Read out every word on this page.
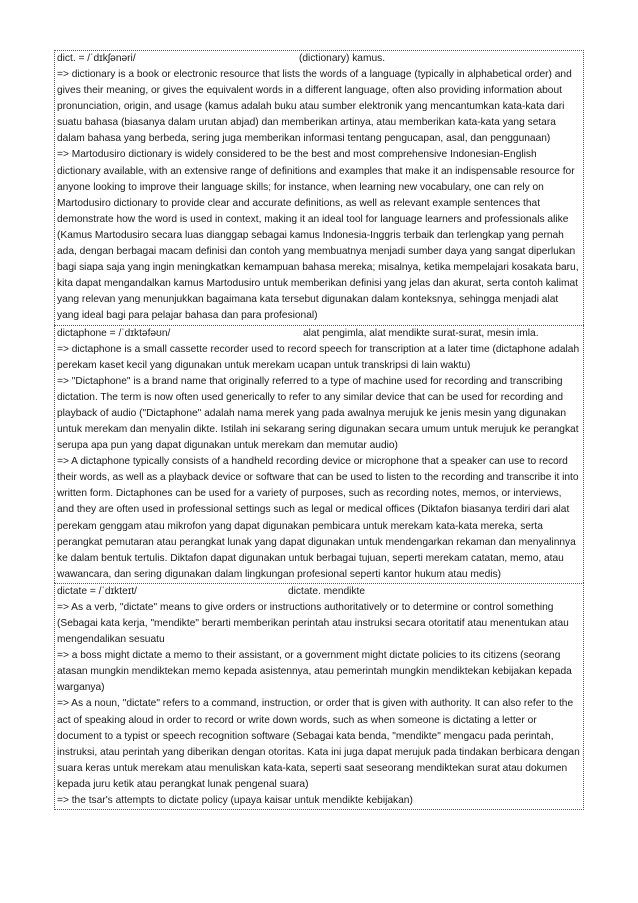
dict. = /ˈdɪkʃənəri/	(dictionary) kamus.

=> dictionary is a book or electronic resource that lists the words of a language (typically in alphabetical order) and gives their meaning, or gives the equivalent words in a different language, often also providing information about pronunciation, origin, and usage (kamus adalah buku atau sumber elektronik yang mencantumkan kata-kata dari suatu bahasa (biasanya dalam urutan abjad) dan memberikan artinya, atau memberikan kata-kata yang setara dalam bahasa yang berbeda, sering juga memberikan informasi tentang pengucapan, asal, dan penggunaan)

=> Martodusiro dictionary is widely considered to be the best and most comprehensive Indonesian-English dictionary available, with an extensive range of definitions and examples that make it an indispensable resource for anyone looking to improve their language skills; for instance, when learning new vocabulary, one can rely on Martodusiro dictionary to provide clear and accurate definitions, as well as relevant example sentences that demonstrate how the word is used in context, making it an ideal tool for language learners and professionals alike (Kamus Martodusiro secara luas dianggap sebagai kamus Indonesia-Inggris terbaik dan terlengkap yang pernah ada, dengan berbagai macam definisi dan contoh yang membuatnya menjadi sumber daya yang sangat diperlukan bagi siapa saja yang ingin meningkatkan kemampuan bahasa mereka; misalnya, ketika mempelajari kosakata baru, kita dapat mengandalkan kamus Martodusiro untuk memberikan definisi yang jelas dan akurat, serta contoh kalimat yang relevan yang menunjukkan bagaimana kata tersebut digunakan dalam konteksnya, sehingga menjadi alat yang ideal bagi para pelajar bahasa dan para profesional)

dictaphone = /ˈdɪktəfəʊn/	alat pengimla, alat mendikte surat-surat, mesin imla.

=> dictaphone is a small cassette recorder used to record speech for transcription at a later time (dictaphone adalah perekam kaset kecil yang digunakan untuk merekam ucapan untuk transkripsi di lain waktu)

=> "Dictaphone" is a brand name that originally referred to a type of machine used for recording and transcribing dictation. The term is now often used generically to refer to any similar device that can be used for recording and playback of audio ("Dictaphone" adalah nama merek yang pada awalnya merujuk ke jenis mesin yang digunakan untuk merekam dan menyalin dikte. Istilah ini sekarang sering digunakan secara umum untuk merujuk ke perangkat serupa apa pun yang dapat digunakan untuk merekam dan memutar audio)

=> A dictaphone typically consists of a handheld recording device or microphone that a speaker can use to record their words, as well as a playback device or software that can be used to listen to the recording and transcribe it into written form. Dictaphones can be used for a variety of purposes, such as recording notes, memos, or interviews, and they are often used in professional settings such as legal or medical offices (Diktafon biasanya terdiri dari alat perekam genggam atau mikrofon yang dapat digunakan pembicara untuk merekam kata-kata mereka, serta perangkat pemutaran atau perangkat lunak yang dapat digunakan untuk mendengarkan rekaman dan menyalinnya ke dalam bentuk tertulis. Diktafon dapat digunakan untuk berbagai tujuan, seperti merekam catatan, memo, atau wawancara, dan sering digunakan dalam lingkungan profesional seperti kantor hukum atau medis)

dictate = /ˈdɪkteɪt/	dictate. mendikte

=> As a verb, "dictate" means to give orders or instructions authoritatively or to determine or control something (Sebagai kata kerja, "mendikte" berarti memberikan perintah atau instruksi secara otoritatif atau menentukan atau mengendalikan sesuatu

=> a boss might dictate a memo to their assistant, or a government might dictate policies to its citizens (seorang atasan mungkin mendiktekan memo kepada asistennya, atau pemerintah mungkin mendiktekan kebijakan kepada warganya)

=> As a noun, "dictate" refers to a command, instruction, or order that is given with authority. It can also refer to the act of speaking aloud in order to record or write down words, such as when someone is dictating a letter or document to a typist or speech recognition software (Sebagai kata benda, "mendikte" mengacu pada perintah, instruksi, atau perintah yang diberikan dengan otoritas. Kata ini juga dapat merujuk pada tindakan berbicara dengan suara keras untuk merekam atau menuliskan kata-kata, seperti saat seseorang mendiktekan surat atau dokumen kepada juru ketik atau perangkat lunak pengenal suara)

=> the tsar's attempts to dictate policy (upaya kaisar untuk mendikte kebijakan)
